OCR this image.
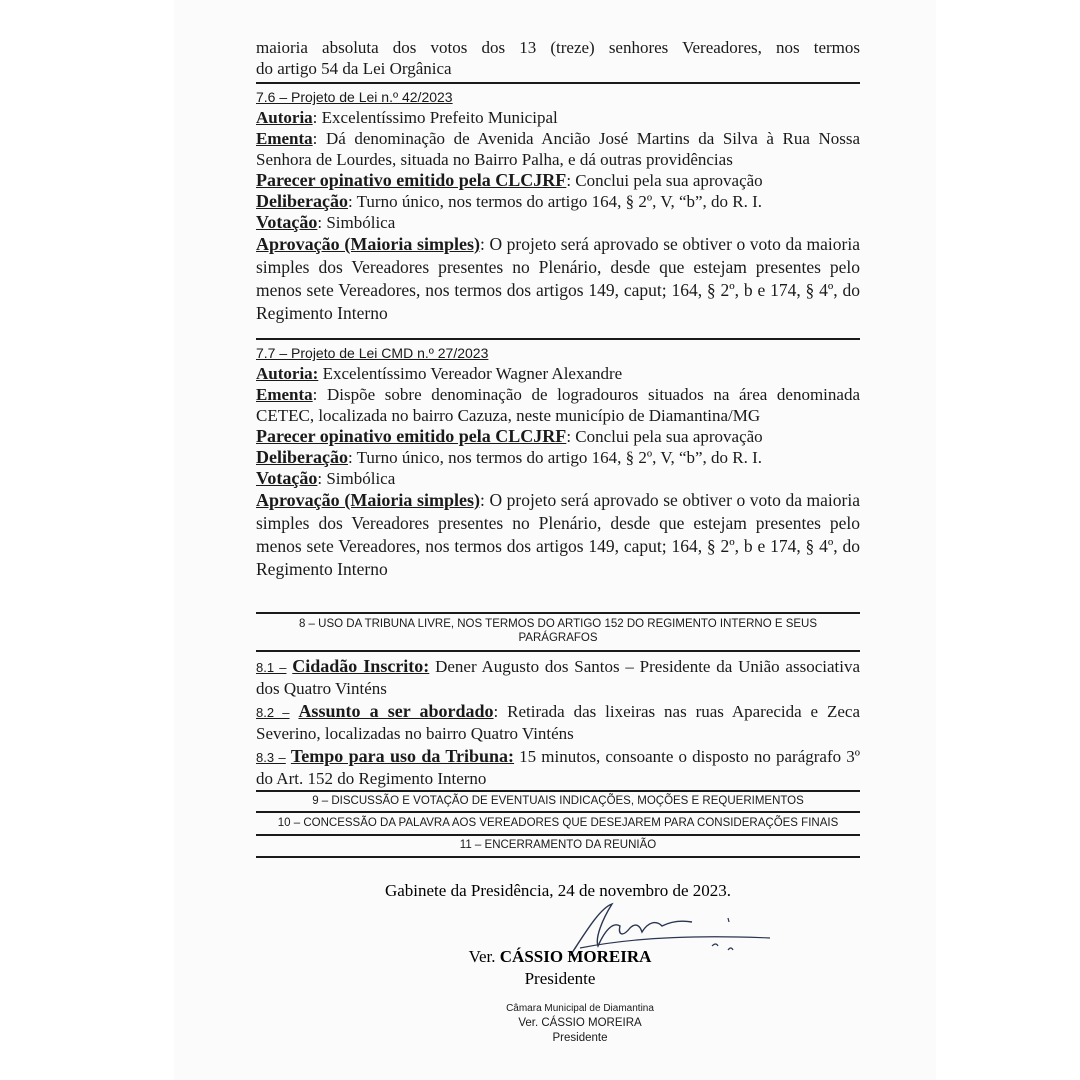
maioria absoluta dos votos dos 13 (treze) senhores Vereadores, nos termos

do artigo 54 da Lei Orgânica

7.6 – Projeto de Lei n.º 42/2023

Autoria: Excelentíssimo Prefeito Municipal

Ementa: Dá denominação de Avenida Ancião José Martins da Silva à Rua Nossa Senhora de Lourdes, situada no Bairro Palha, e dá outras providências

Parecer opinativo emitido pela CLCJRF: Conclui pela sua aprovação

Deliberação: Turno único, nos termos do artigo 164, § 2º, V, “b”, do R. I.

Votação: Simbólica

Aprovação (Maioria simples): O projeto será aprovado se obtiver o voto da maioria simples dos Vereadores presentes no Plenário, desde que estejam presentes pelo menos sete Vereadores, nos termos dos artigos 149, caput; 164, § 2º, b e 174, § 4º, do Regimento Interno

7.7 – Projeto de Lei CMD n.º 27/2023

Autoria: Excelentíssimo Vereador Wagner Alexandre

Ementa: Dispõe sobre denominação de logradouros situados na área denominada CETEC, localizada no bairro Cazuza, neste município de Diamantina/MG

Parecer opinativo emitido pela CLCJRF: Conclui pela sua aprovação

Deliberação: Turno único, nos termos do artigo 164, § 2º, V, “b”, do R. I.

Votação: Simbólica

Aprovação (Maioria simples): O projeto será aprovado se obtiver o voto da maioria simples dos Vereadores presentes no Plenário, desde que estejam presentes pelo menos sete Vereadores, nos termos dos artigos 149, caput; 164, § 2º, b e 174, § 4º, do Regimento Interno

8 – USO DA TRIBUNA LIVRE, NOS TERMOS DO ARTIGO 152 DO REGIMENTO INTERNO E SEUS
PARÁGRAFOS

8.1 – Cidadão Inscrito: Dener Augusto dos Santos – Presidente da União associativa dos Quatro Vinténs

8.2 – Assunto a ser abordado: Retirada das lixeiras nas ruas Aparecida e Zeca Severino, localizadas no bairro Quatro Vinténs

8.3 – Tempo para uso da Tribuna: 15 minutos, consoante o disposto no parágrafo 3º do Art. 152 do Regimento Interno

9 – DISCUSSÃO E VOTAÇÃO DE EVENTUAIS INDICAÇÕES, MOÇÕES E REQUERIMENTOS
10 – CONCESSÃO DA PALAVRA AOS VEREADORES QUE DESEJAREM PARA CONSIDERAÇÕES FINAIS
11 – ENCERRAMENTO DA REUNIÃO
Gabinete da Presidência, 24 de novembro de 2023.
Ver. CÁSSIO MOREIRA
Presidente
Câmara Municipal de Diamantina
Ver. CÁSSIO MOREIRA
Presidente
